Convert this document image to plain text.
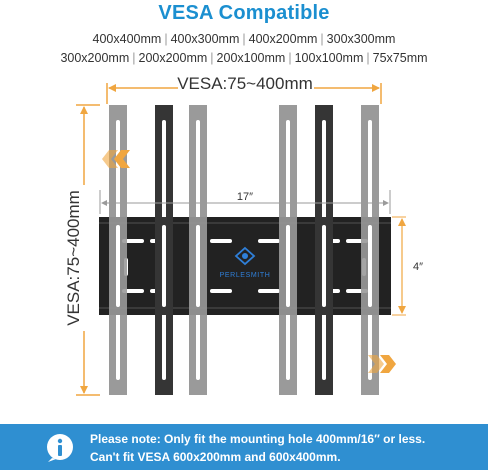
VESA Compatible
400x400mm | 400x300mm | 400x200mm | 300x300mm
300x200mm | 200x200mm | 200x100mm | 100x100mm | 75x75mm
VESA:75~400mm
VESA:75~400mm	17″
PERLESMITH
4″
Please note: Only fit the mounting hole 400mm/16″ or less.
Can't fit VESA 600x200mm and 600x400mm.
